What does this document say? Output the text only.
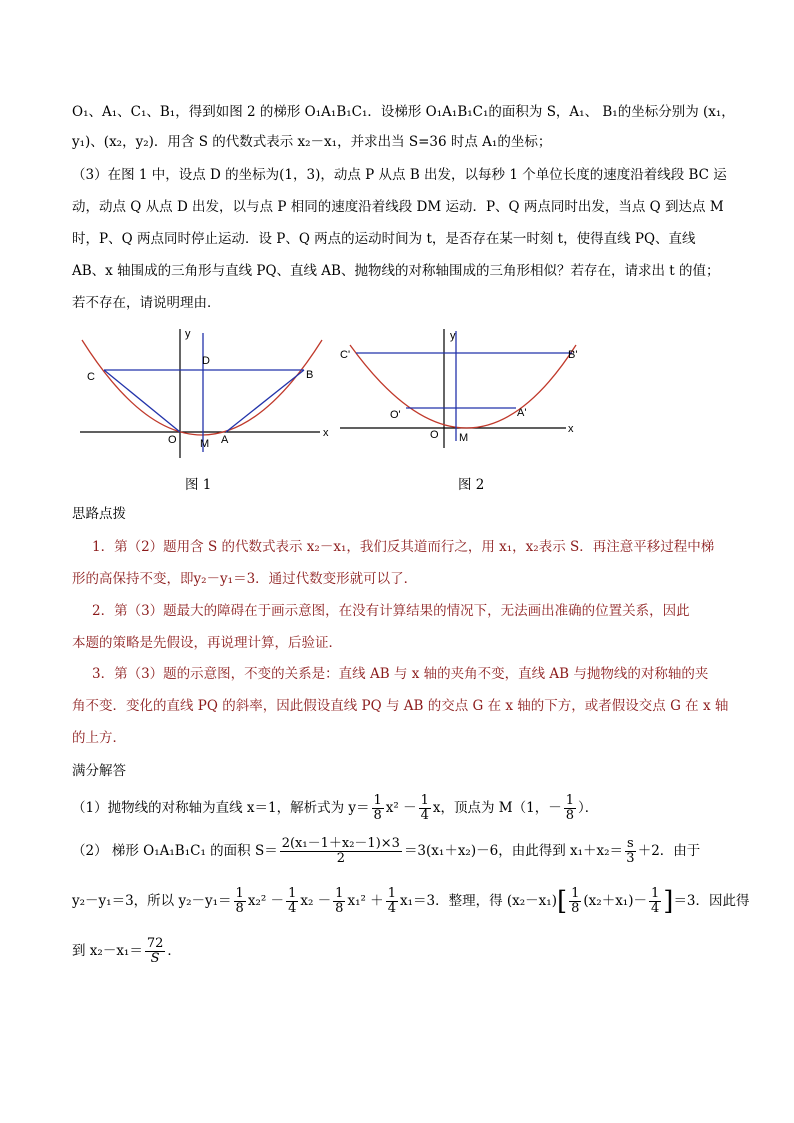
O₁、A₁、C₁、B₁，得到如图 2 的梯形 O₁A₁B₁C₁．设梯形 O₁A₁B₁C₁的面积为 S，A₁、 B₁的坐标分别为 (x₁，
y₁)、(x₂，y₂)．用含 S 的代数式表示 x₂－x₁，并求出当 S=36 时点 A₁的坐标；
（3）在图 1 中，设点 D 的坐标为(1，3)，动点 P 从点 B 出发，以每秒 1 个单位长度的速度沿着线段 BC 运
动，动点 Q 从点 D 出发，以与点 P 相同的速度沿着线段 DM 运动．P、Q 两点同时出发，当点 Q 到达点 M
时，P、Q 两点同时停止运动．设 P、Q 两点的运动时间为 t，是否存在某一时刻 t，使得直线 PQ、直线
AB、x 轴围成的三角形与直线 PQ、直线 AB、抛物线的对称轴围成的三角形相似？若存在，请求出 t 的值；
若不存在，请说明理由．
y
x
C	B
D
O M A
图 1
y
x
C'	B'
O'	A'
O M
图 2
思路点拨
1．第（2）题用含 S 的代数式表示 x₂－x₁，我们反其道而行之，用 x₁，x₂表示 S．再注意平移过程中梯
形的高保持不变，即y₂－y₁＝3．通过代数变形就可以了．
2．第（3）题最大的障碍在于画示意图，在没有计算结果的情况下，无法画出准确的位置关系，因此
本题的策略是先假设，再说理计算，后验证．
3．第（3）题的示意图，不变的关系是：直线 AB 与 x 轴的夹角不变，直线 AB 与抛物线的对称轴的夹
角不变．变化的直线 PQ 的斜率，因此假设直线 PQ 与 AB 的交点 G 在 x 轴的下方，或者假设交点 G 在 x 轴
的上方．
满分解答
（1）抛物线的对称轴为直线 x＝1，解析式为 $y= \frac{1}{8} x^2 - \frac{1}{4}$ x，顶点为 M（1，－ $\frac{1}{8}$ ）．
（2） 梯形 O₁A₁B₁C₁ 的面积 $S= \frac{\text{2(x₁－1＋x₂－1)×3}}{2} =3(x_1+x_2)-6$，由此得到 $x_1+x_2= \frac{s}{3} +2$．由于
y₂－y₁＝3，所以 $y_2-y_1= \frac{1}{8} x_2^2 - \frac{1}{4} x_2 - \frac{1}{8} x_1^2 + \frac{1}{4} x_1=3$．整理，得 $(x_2-x_1)[ \frac{1}{8} (x_2+x_1)- \frac{1}{4} ]=3$．因此得
到 $x_2-x_1= \frac{72}{S}$ ．
